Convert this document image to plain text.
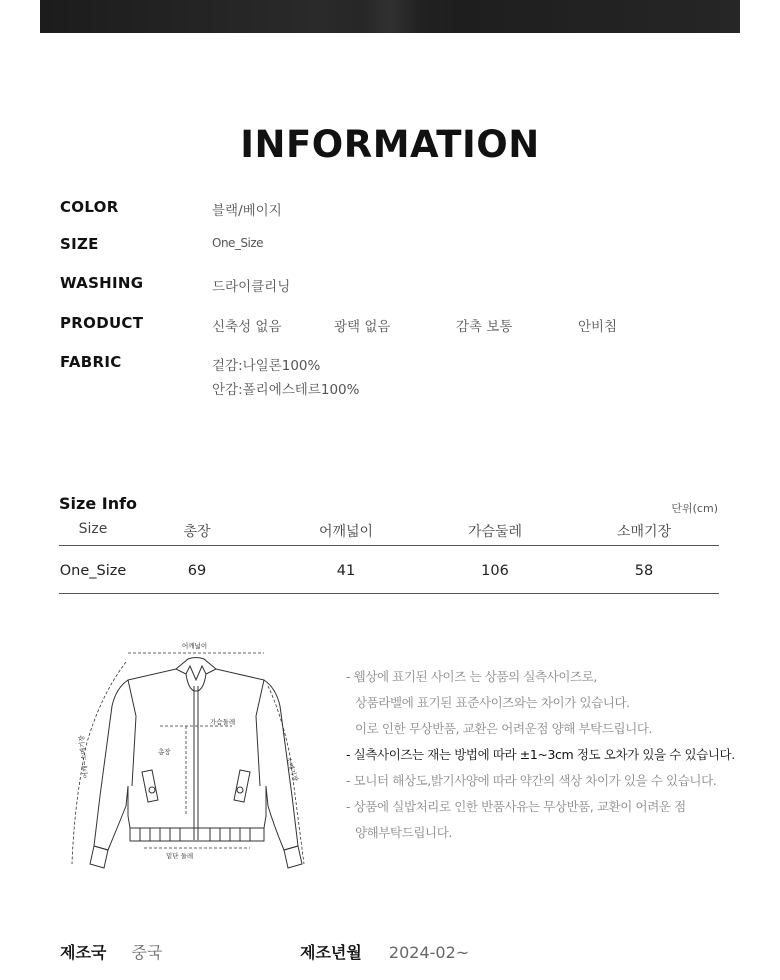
INFORMATION
COLOR	블랙/베이지
SIZE	One_Size
WASHING	드라이클리닝
PRODUCT	신축성 없음	광택 없음	감촉 보통	안비침
FABRIC	겉감:나일론100%
안감:폴리에스테르100%
Size Info	단위(cm)
Size	총장	어깨넓이	가슴둘레	소매기장
One_Size	69	41	106	58
어깨넓이
가슴둘레
총장
밑단 둘레
소매기장
어깨~소매기장
- 웹상에 표기된 사이즈 는 상품의 실측사이즈로,
상품라벨에 표기된 표준사이즈와는 차이가 있습니다.
이로 인한 무상반품, 교환은 어려운점 양해 부탁드립니다.
- 실측사이즈는 재는 방법에 따라 ±1~3cm 정도 오차가 있을 수 있습니다.
- 모니터 해상도,밝기사양에 따라 약간의 색상 차이가 있을 수 있습니다.
- 상품에 실밥처리로 인한 반품사유는 무상반품, 교환이 어려운 점
양해부탁드립니다.
제조국 중국	제조년월 2024-02~
